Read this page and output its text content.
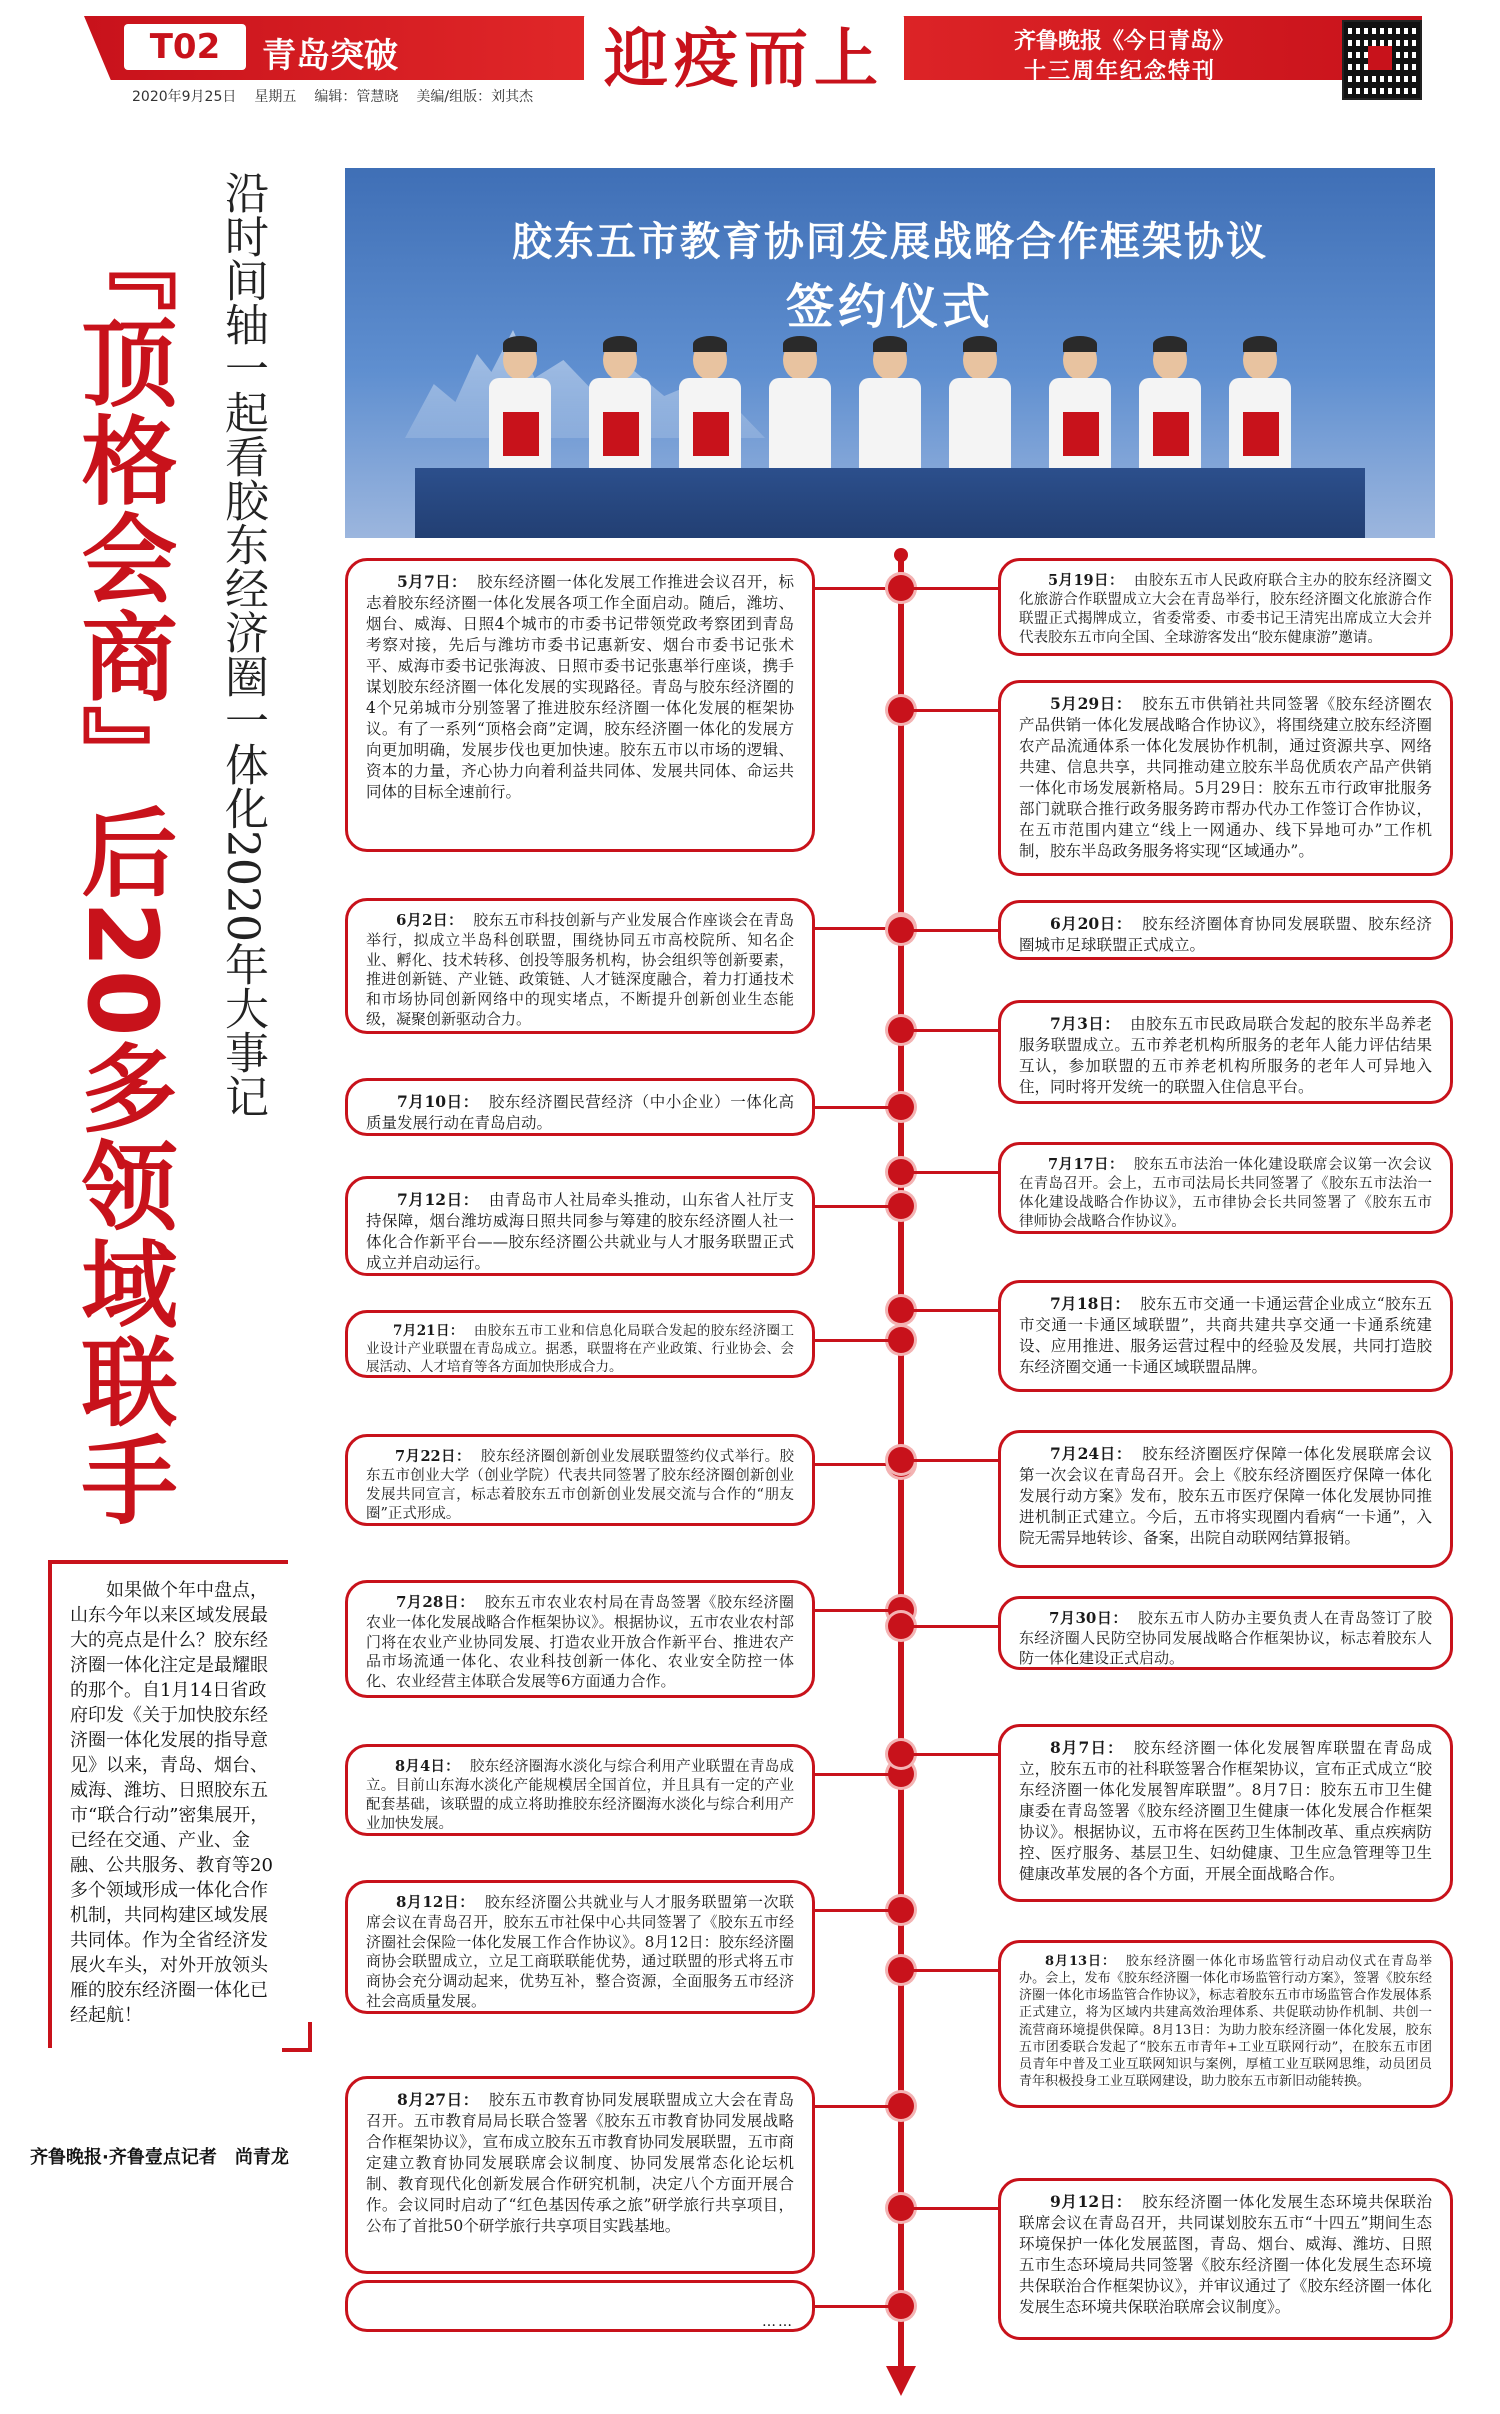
T02	青岛突破
2020年9月25日 星期五 编辑：管慧晓 美编/组版：刘其杰	迎疫而上	齐鲁晚报《今日青岛》
十三周年纪念特刊
『顶格会商』后20多领域联手 沿时间轴一起看胶东经济圈一体化2020年大事记	胶东五市教育协同发展战略合作框架协议
签约仪式
如果做个年中盘点，山东今年以来区域发展最大的亮点是什么？胶东经济圈一体化注定是最耀眼的那个。自1月14日省政府印发《关于加快胶东经济圈一体化发展的指导意见》以来，青岛、烟台、威海、潍坊、日照胶东五市“联合行动”密集展开，已经在交通、产业、金融、公共服务、教育等20多个领域形成一体化合作机制，共同构建区域发展共同体。作为全省经济发展火车头，对外开放领头雁的胶东经济圈一体化已经起航！
齐鲁晚报·齐鲁壹点记者　尚青龙

5月7日： 胶东经济圈一体化发展工作推进会议召开，标志着胶东经济圈一体化发展各项工作全面启动。随后，潍坊、烟台、威海、日照4个城市的市委书记带领党政考察团到青岛考察对接，先后与潍坊市委书记惠新安、烟台市委书记张术平、威海市委书记张海波、日照市委书记张惠举行座谈，携手谋划胶东经济圈一体化发展的实现路径。青岛与胶东经济圈的4个兄弟城市分别签署了推进胶东经济圈一体化发展的框架协议。有了一系列“顶格会商”定调，胶东经济圈一体化的发展方向更加明确，发展步伐也更加快速。胶东五市以市场的逻辑、资本的力量，齐心协力向着利益共同体、发展共同体、命运共同体的目标全速前行。

6月2日： 胶东五市科技创新与产业发展合作座谈会在青岛举行，拟成立半岛科创联盟，围绕协同五市高校院所、知名企业、孵化、技术转移、创投等服务机构，协会组织等创新要素，推进创新链、产业链、政策链、人才链深度融合，着力打通技术和市场协同创新网络中的现实堵点，不断提升创新创业生态能级，凝聚创新驱动合力。

7月10日： 胶东经济圈民营经济（中小企业）一体化高质量发展行动在青岛启动。

7月12日： 由青岛市人社局牵头推动，山东省人社厅支持保障，烟台潍坊威海日照共同参与筹建的胶东经济圈人社一体化合作新平台——胶东经济圈公共就业与人才服务联盟正式成立并启动运行。

7月21日： 由胶东五市工业和信息化局联合发起的胶东经济圈工业设计产业联盟在青岛成立。据悉，联盟将在产业政策、行业协会、会展活动、人才培育等各方面加快形成合力。

7月22日： 胶东经济圈创新创业发展联盟签约仪式举行。胶东五市创业大学（创业学院）代表共同签署了胶东经济圈创新创业发展共同宣言，标志着胶东五市创新创业发展交流与合作的“朋友圈”正式形成。

7月28日： 胶东五市农业农村局在青岛签署《胶东经济圈农业一体化发展战略合作框架协议》。根据协议，五市农业农村部门将在农业产业协同发展、打造农业开放合作新平台、推进农产品市场流通一体化、农业科技创新一体化、农业安全防控一体化、农业经营主体联合发展等6方面通力合作。

8月4日： 胶东经济圈海水淡化与综合利用产业联盟在青岛成立。目前山东海水淡化产能规模居全国首位，并且具有一定的产业配套基础，该联盟的成立将助推胶东经济圈海水淡化与综合利用产业加快发展。

8月12日： 胶东经济圈公共就业与人才服务联盟第一次联席会议在青岛召开，胶东五市社保中心共同签署了《胶东五市经济圈社会保险一体化发展工作合作协议》。8月12日：胶东经济圈商协会联盟成立，立足工商联联能优势，通过联盟的形式将五市商协会充分调动起来，优势互补，整合资源，全面服务五市经济社会高质量发展。

8月27日： 胶东五市教育协同发展联盟成立大会在青岛召开。五市教育局局长联合签署《胶东五市教育协同发展战略合作框架协议》，宣布成立胶东五市教育协同发展联盟，五市商定建立教育协同发展联席会议制度、协同发展常态化论坛机制、教育现代化创新发展合作研究机制，决定八个方面开展合作。会议同时启动了“红色基因传承之旅”研学旅行共享项目，公布了首批50个研学旅行共享项目实践基地。

……

5月19日： 由胶东五市人民政府联合主办的胶东经济圈文化旅游合作联盟成立大会在青岛举行，胶东经济圈文化旅游合作联盟正式揭牌成立，省委常委、市委书记王清宪出席成立大会并代表胶东五市向全国、全球游客发出“胶东健康游”邀请。

5月29日： 胶东五市供销社共同签署《胶东经济圈农产品供销一体化发展战略合作协议》，将围绕建立胶东经济圈农产品流通体系一体化发展协作机制，通过资源共享、网络共建、信息共享，共同推动建立胶东半岛优质农产品产供销一体化市场发展新格局。5月29日：胶东五市行政审批服务部门就联合推行政务服务跨市帮办代办工作签订合作协议，在五市范围内建立“线上一网通办、线下异地可办”工作机制，胶东半岛政务服务将实现“区域通办”。

6月20日： 胶东经济圈体育协同发展联盟、胶东经济圈城市足球联盟正式成立。

7月3日： 由胶东五市民政局联合发起的胶东半岛养老服务联盟成立。五市养老机构所服务的老年人能力评估结果互认，参加联盟的五市养老机构所服务的老年人可异地入住，同时将开发统一的联盟入住信息平台。

7月17日： 胶东五市法治一体化建设联席会议第一次会议在青岛召开。会上，五市司法局长共同签署了《胶东五市法治一体化建设战略合作协议》，五市律协会长共同签署了《胶东五市律师协会战略合作协议》。

7月18日： 胶东五市交通一卡通运营企业成立“胶东五市交通一卡通区域联盟”，共商共建共享交通一卡通系统建设、应用推进、服务运营过程中的经验及发展，共同打造胶东经济圈交通一卡通区域联盟品牌。

7月24日： 胶东经济圈医疗保障一体化发展联席会议第一次会议在青岛召开。会上《胶东经济圈医疗保障一体化发展行动方案》发布，胶东五市医疗保障一体化发展协同推进机制正式建立。今后，五市将实现圈内看病“一卡通”，入院无需异地转诊、备案，出院自动联网结算报销。

7月30日： 胶东五市人防办主要负责人在青岛签订了胶东经济圈人民防空协同发展战略合作框架协议，标志着胶东人防一体化建设正式启动。

8月7日： 胶东经济圈一体化发展智库联盟在青岛成立，胶东五市的社科联签署合作框架协议，宣布正式成立“胶东经济圈一体化发展智库联盟”。8月7日：胶东五市卫生健康委在青岛签署《胶东经济圈卫生健康一体化发展合作框架协议》。根据协议，五市将在医药卫生体制改革、重点疾病防控、医疗服务、基层卫生、妇幼健康、卫生应急管理等卫生健康改革发展的各个方面，开展全面战略合作。

8月13日： 胶东经济圈一体化市场监管行动启动仪式在青岛举办。会上，发布《胶东经济圈一体化市场监管行动方案》，签署《胶东经济圈一体化市场监管合作协议》，标志着胶东五市市场监管合作发展体系正式建立，将为区域内共建高效治理体系、共促联动协作机制、共创一流营商环境提供保障。8月13日：为助力胶东经济圈一体化发展，胶东五市团委联合发起了“胶东五市青年+工业互联网行动”，在胶东五市团员青年中普及工业互联网知识与案例，厚植工业互联网思维，动员团员青年积极投身工业互联网建设，助力胶东五市新旧动能转换。

9月12日： 胶东经济圈一体化发展生态环境共保联治联席会议在青岛召开，共同谋划胶东五市“十四五”期间生态环境保护一体化发展蓝图，青岛、烟台、威海、潍坊、日照五市生态环境局共同签署《胶东经济圈一体化发展生态环境共保联治合作框架协议》，并审议通过了《胶东经济圈一体化发展生态环境共保联治联席会议制度》。
